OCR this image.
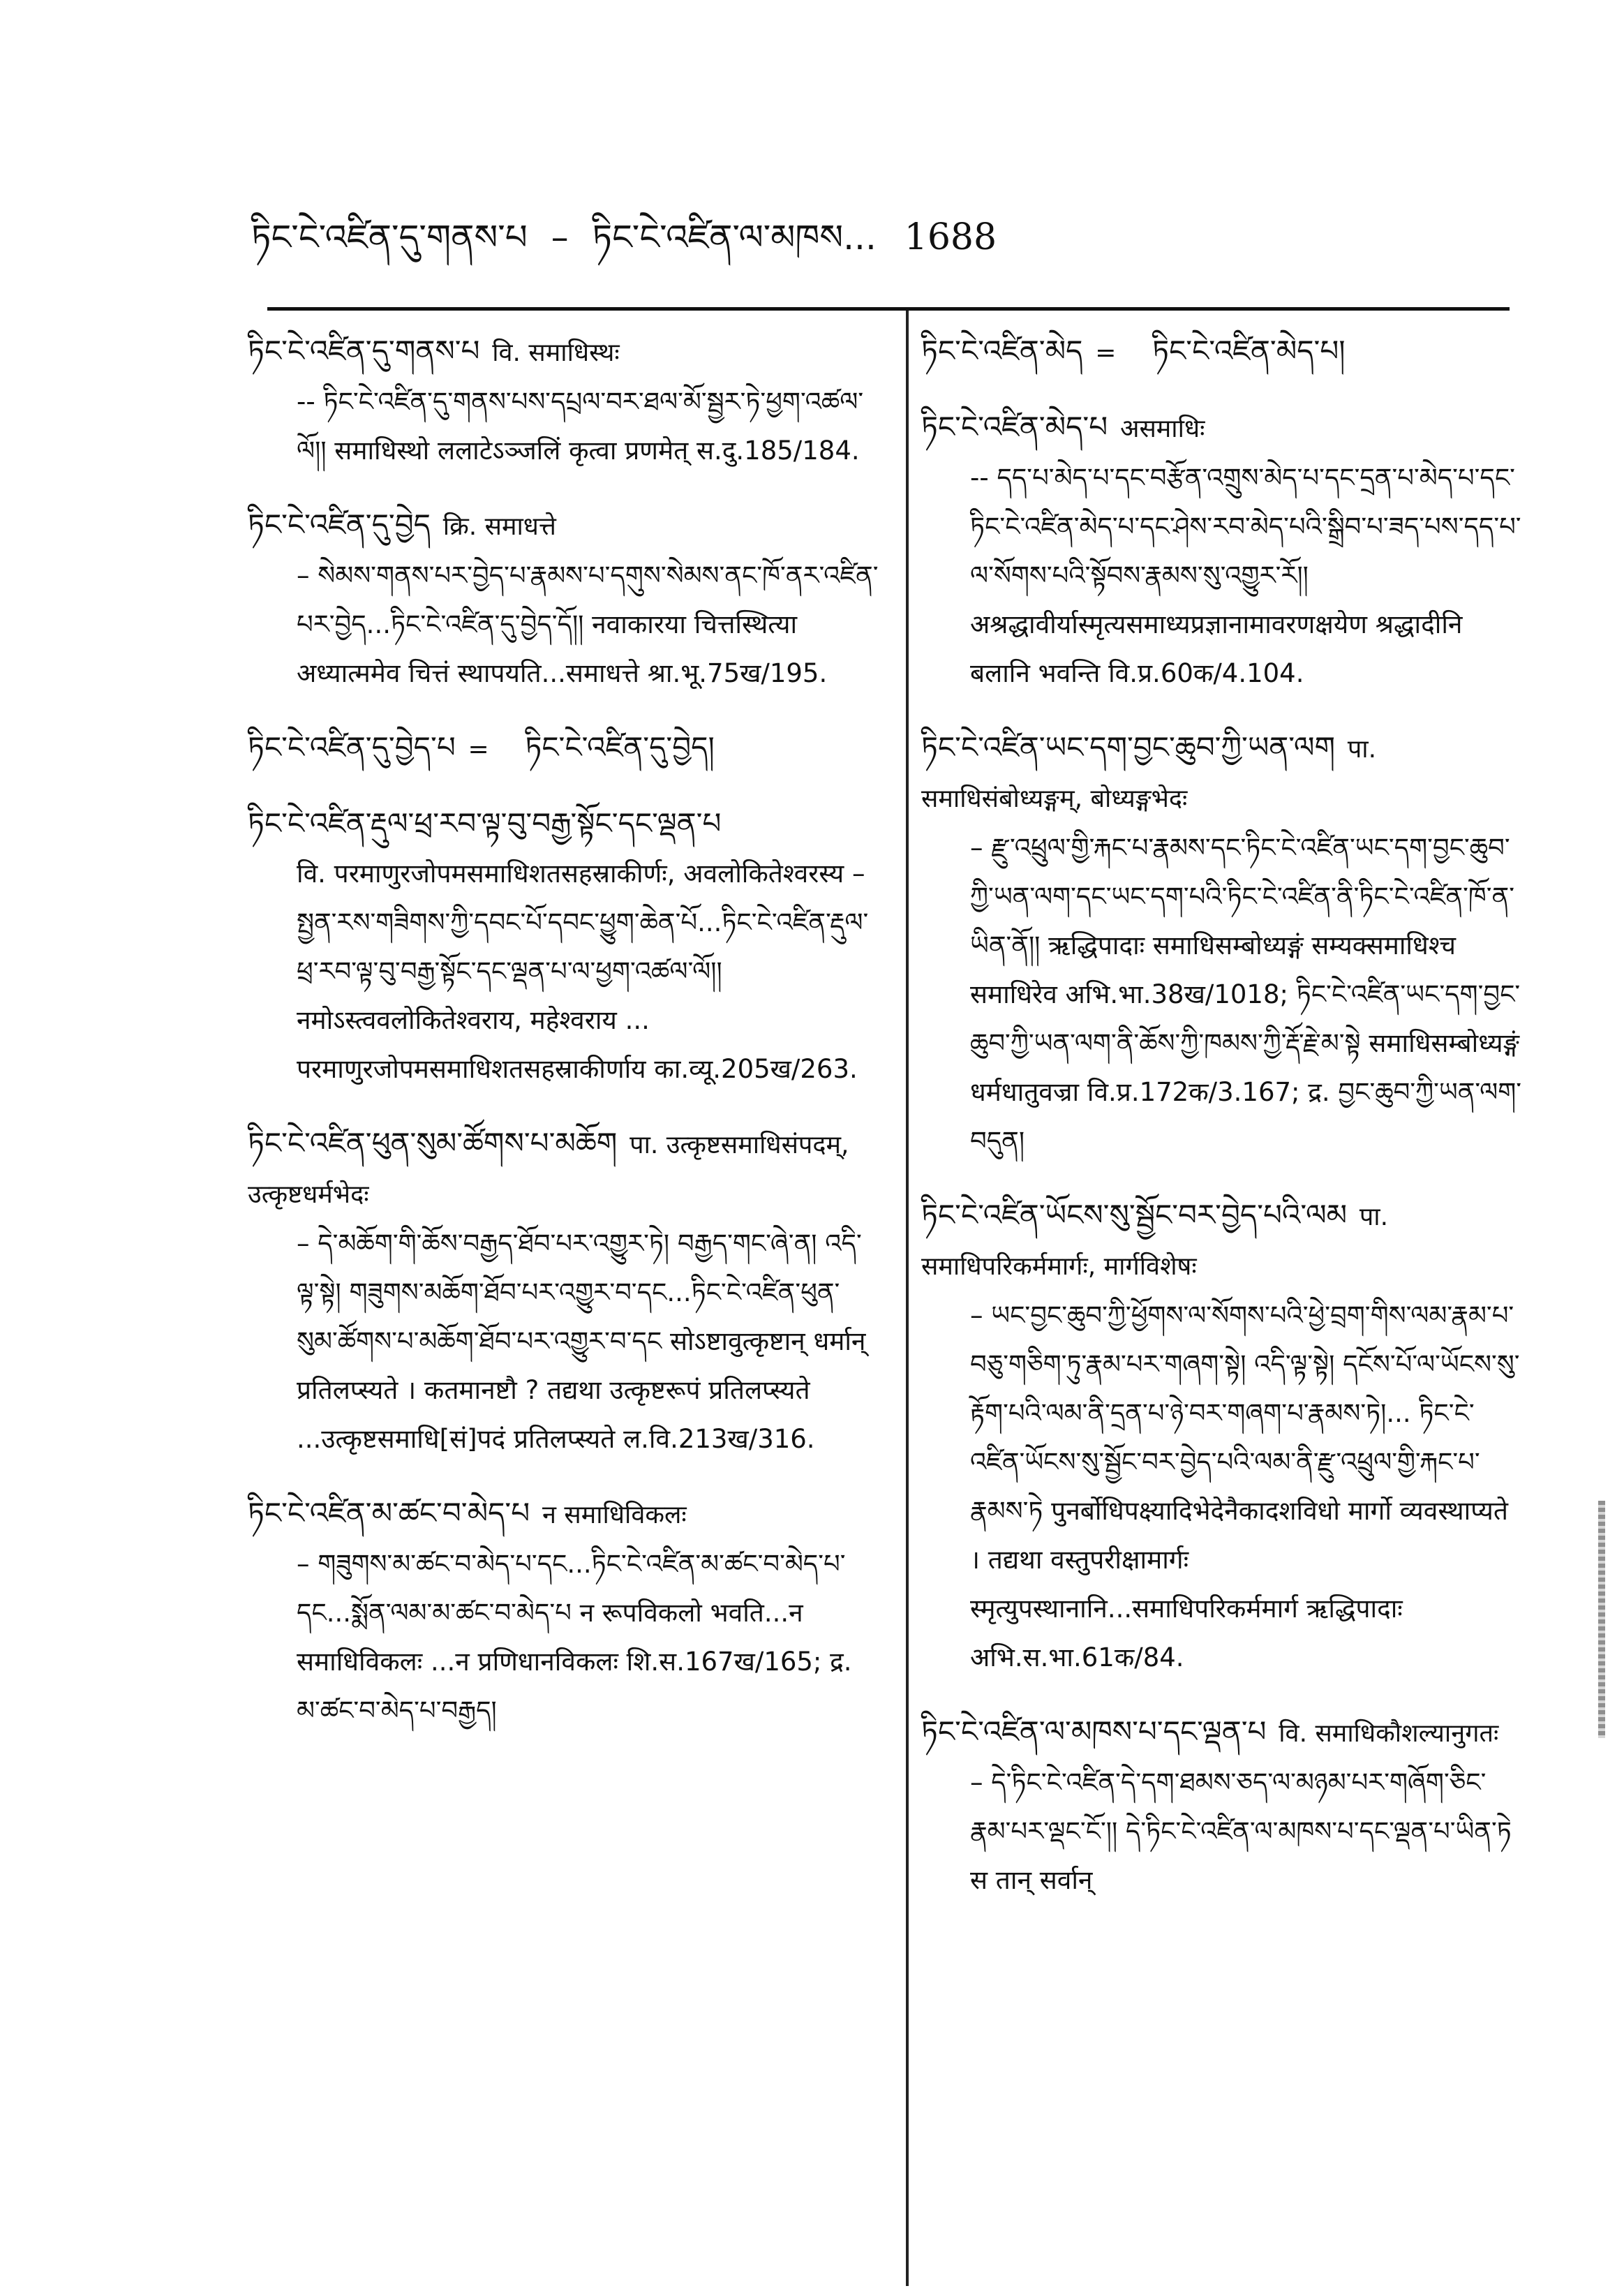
ཏིང་ངེ་འཛིན་དུ་གནས་པ – ཏིང་ངེ་འཛིན་ལ་མཁས... 1688

ཏིང་ངེ་འཛིན་དུ་གནས་པ वि. समाधिस्थः

-- ཏིང་ངེ་འཛིན་དུ་གནས་པས་དཔྲལ་བར་ཐལ་མོ་སྦྱར་ཏེ་ཕྱག་འཚལ་ལོ།། समाधिस्थो ललाटेऽञ्जलिं कृत्वा प्रणमेत् स.दु.185/184.

ཏིང་ངེ་འཛིན་དུ་བྱེད क्रि. समाधत्ते

– སེམས་གནས་པར་བྱེད་པ་རྣམས་པ་དགུས་སེམས་ནང་ཁོ་ནར་འཛིན་པར་བྱེད...ཏིང་ངེ་འཛིན་དུ་བྱེད་དོ།། नवाकारया चित्तस्थित्या अध्यात्ममेव चित्तं स्थापयति...समाधत्ते श्रा.भू.75ख/195.

ཏིང་ངེ་འཛིན་དུ་བྱེད་པ = ཏིང་ངེ་འཛིན་དུ་བྱེད།

ཏིང་ངེ་འཛིན་རྡུལ་ཕྲ་རབ་ལྟ་བུ་བརྒྱ་སྟོང་དང་ལྡན་པ

वि. परमाणुरजोपमसमाधिशतसहस्राकीर्णः, अवलोकितेश्वरस्य – སྤྱན་རས་གཟིགས་ཀྱི་དབང་པོ་དབང་ཕྱུག་ཆེན་པོ...ཏིང་ངེ་འཛིན་རྡུལ་ཕྲ་རབ་ལྟ་བུ་བརྒྱ་སྟོང་དང་ལྡན་པ་ལ་ཕྱག་འཚལ་ལོ།། नमोऽस्त्ववलोकितेश्वराय, महेश्वराय ... परमाणुरजोपमसमाधिशतसहस्राकीर्णाय का.व्यू.205ख/263.

ཏིང་ངེ་འཛིན་ཕུན་སུམ་ཚོགས་པ་མཆོག पा. उत्कृष्टसमाधिसंपदम्, उत्कृष्टधर्मभेदः

– དེ་མཆོག་གི་ཆོས་བརྒྱད་ཐོབ་པར་འགྱུར་ཏེ། བརྒྱད་གང་ཞེ་ན། འདི་ལྟ་སྟེ། གཟུགས་མཆོག་ཐོབ་པར་འགྱུར་བ་དང...ཏིང་ངེ་འཛིན་ཕུན་སུམ་ཚོགས་པ་མཆོག་ཐོབ་པར་འགྱུར་བ་དང सोऽष्टावुत्कृष्टान् धर्मान् प्रतिलप्स्यते । कतमानष्टौ ? तद्यथा उत्कृष्टरूपं प्रतिलप्स्यते ...उत्कृष्टसमाधि[सं]पदं प्रतिलप्स्यते ल.वि.213ख/316.

ཏིང་ངེ་འཛིན་མ་ཚང་བ་མེད་པ न समाधिविकलः

– གཟུགས་མ་ཚང་བ་མེད་པ་དང...ཏིང་ངེ་འཛིན་མ་ཚང་བ་མེད་པ་དང...སྨོན་ལམ་མ་ཚང་བ་མེད་པ न रूपविकलो भवति...न समाधिविकलः ...न प्रणिधानविकलः शि.स.167ख/165; द्र. མ་ཚང་བ་མེད་པ་བརྒྱད།

ཏིང་ངེ་འཛིན་མེད = ཏིང་ངེ་འཛིན་མེད་པ།

ཏིང་ངེ་འཛིན་མེད་པ असमाधिः

-- དད་པ་མེད་པ་དང་བརྩོན་འགྲུས་མེད་པ་དང་དྲན་པ་མེད་པ་དང་ཏིང་ངེ་འཛིན་མེད་པ་དང་ཤེས་རབ་མེད་པའི་སྒྲིབ་པ་ཟད་པས་དད་པ་ལ་སོགས་པའི་སྟོབས་རྣམས་སུ་འགྱུར་རོ།། अश्रद्धावीर्यास्मृत्यसमाध्यप्रज्ञानामावरणक्षयेण श्रद्धादीनि बलानि भवन्ति वि.प्र.60क/4.104.

ཏིང་ངེ་འཛིན་ཡང་དག་བྱང་ཆུབ་ཀྱི་ཡན་ལག पा. समाधिसंबोध्यङ्गम्, बोध्यङ्गभेदः

– རྫུ་འཕྲུལ་གྱི་རྐང་པ་རྣམས་དང་ཏིང་ངེ་འཛིན་ཡང་དག་བྱང་ཆུབ་ཀྱི་ཡན་ལག་དང་ཡང་དག་པའི་ཏིང་ངེ་འཛིན་ནི་ཏིང་ངེ་འཛིན་ཁོ་ན་ཡིན་ནོ།། ऋद्धिपादाः समाधिसम्बोध्यङ्गं सम्यक्समाधिश्च समाधिरेव अभि.भा.38ख/1018; ཏིང་ངེ་འཛིན་ཡང་དག་བྱང་ཆུབ་ཀྱི་ཡན་ལག་ནི་ཆོས་ཀྱི་ཁམས་ཀྱི་རྡོ་རྗེ་མ་སྟེ समाधिसम्बोध्यङ्गं धर्मधातुवज्रा वि.प्र.172क/3.167; द्र. བྱང་ཆུབ་ཀྱི་ཡན་ལག་བདུན།

ཏིང་ངེ་འཛིན་ཡོངས་སུ་སྦྱོང་བར་བྱེད་པའི་ལམ पा. समाधिपरिकर्ममार्गः, मार्गविशेषः

– ཡང་བྱང་ཆུབ་ཀྱི་ཕྱོགས་ལ་སོགས་པའི་ཕྱེ་བྲག་གིས་ལམ་རྣམ་པ་བཅུ་གཅིག་ཏུ་རྣམ་པར་གཞག་སྟེ། འདི་ལྟ་སྟེ། དངོས་པོ་ལ་ཡོངས་སུ་རྟོག་པའི་ལམ་ནི་དྲན་པ་ཉེ་བར་གཞག་པ་རྣམས་ཏེ།... ཏིང་ངེ་འཛིན་ཡོངས་སུ་སྦྱོང་བར་བྱེད་པའི་ལམ་ནི་རྫུ་འཕྲུལ་གྱི་རྐང་པ་རྣམས་ཏེ पुनर्बोधिपक्ष्यादिभेदेनैकादशविधो मार्गो व्यवस्थाप्यते । तद्यथा वस्तुपरीक्षामार्गः स्मृत्युपस्थानानि...समाधिपरिकर्ममार्ग ऋद्धिपादाः अभि.स.भा.61क/84.

ཏིང་ངེ་འཛིན་ལ་མཁས་པ་དང་ལྡན་པ वि. समाधिकौशल्यानुगतः

– དེ་ཏིང་ངེ་འཛིན་དེ་དག་ཐམས་ཅད་ལ་མཉམ་པར་གཞོག་ཅིང་རྣམ་པར་ལྡང་ངོ་།། དེ་ཏིང་ངེ་འཛིན་ལ་མཁས་པ་དང་ལྡན་པ་ཡིན་ཏེ स तान् सर्वान्
